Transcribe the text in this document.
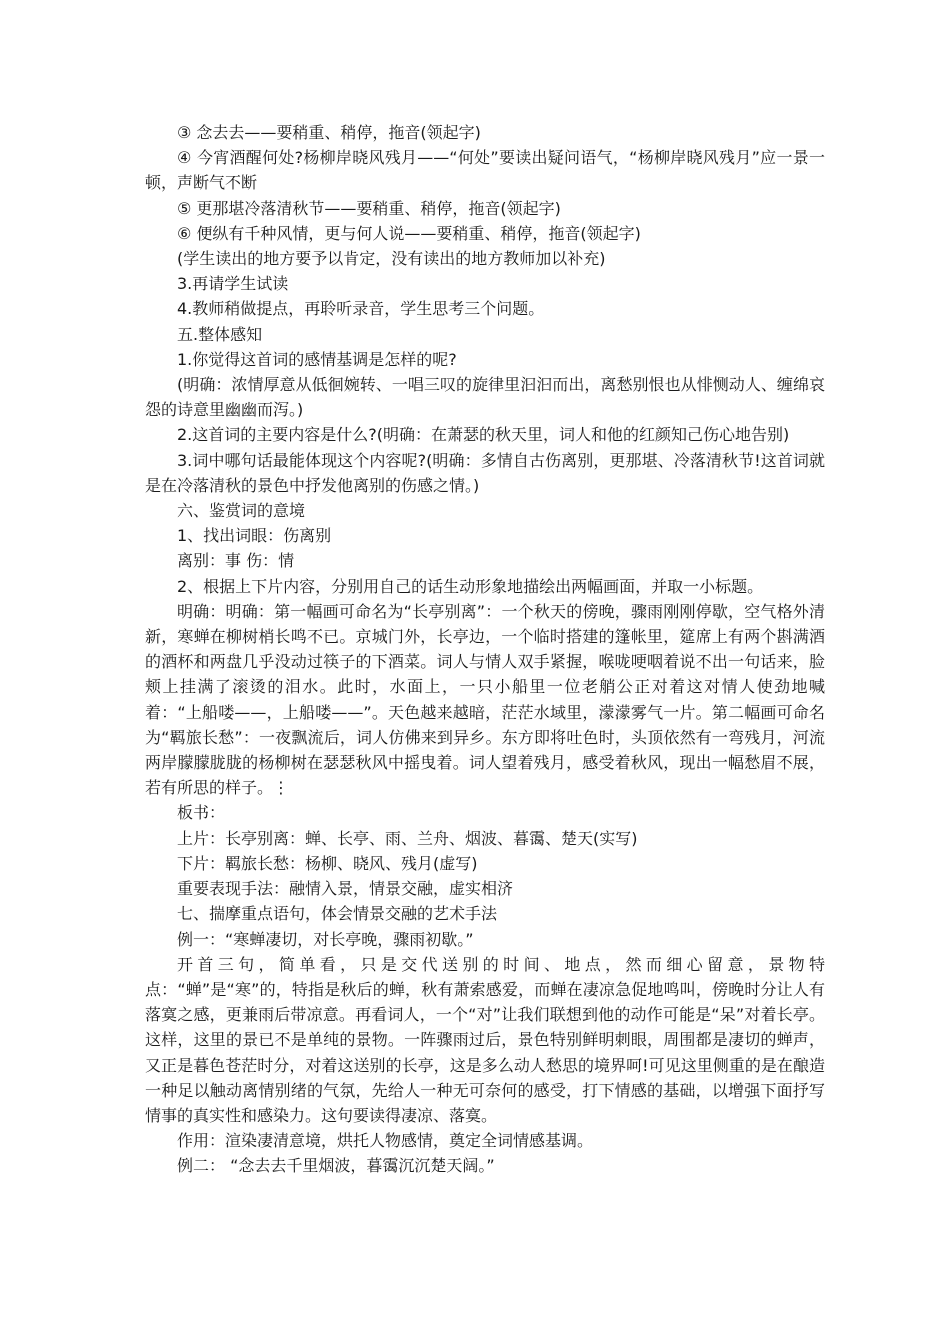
③ 念去去——要稍重、稍停，拖音(领起字)

④ 今宵酒醒何处?杨柳岸晓风残月——“何处”要读出疑问语气，“杨柳岸晓风残月”应一景一顿，声断气不断

⑤ 更那堪冷落清秋节——要稍重、稍停，拖音(领起字)

⑥ 便纵有千种风情，更与何人说——要稍重、稍停，拖音(领起字)

(学生读出的地方要予以肯定，没有读出的地方教师加以补充)

3.再请学生试读

4.教师稍做提点，再聆听录音，学生思考三个问题。

五.整体感知

1.你觉得这首词的感情基调是怎样的呢?

(明确：浓情厚意从低徊婉转、一唱三叹的旋律里汩汩而出，离愁别恨也从悱恻动人、缠绵哀怨的诗意里幽幽而泻。)

2.这首词的主要内容是什么?(明确：在萧瑟的秋天里，词人和他的红颜知己伤心地告别)

3.词中哪句话最能体现这个内容呢?(明确：多情自古伤离别，更那堪、冷落清秋节!这首词就是在冷落清秋的景色中抒发他离别的伤感之情。)

六、鉴赏词的意境

1、找出词眼：伤离别

离别：事 伤：情

2、根据上下片内容，分别用自己的话生动形象地描绘出两幅画面，并取一小标题。

明确：明确：第一幅画可命名为“长亭别离”：一个秋天的傍晚，骤雨刚刚停歇，空气格外清新，寒蝉在柳树梢长鸣不已。京城门外，长亭边，一个临时搭建的篷帐里，筵席上有两个斟满酒的酒杯和两盘几乎没动过筷子的下酒菜。词人与情人双手紧握，喉咙哽咽着说不出一句话来，脸颊上挂满了滚烫的泪水。此时，水面上，一只小船里一位老艄公正对着这对情人使劲地喊着：“上船喽——，上船喽——”。天色越来越暗，茫茫水域里，濛濛雾气一片。第二幅画可命名为“羁旅长愁”：一夜飘流后，词人仿佛来到异乡。东方即将吐色时，头顶依然有一弯残月，河流两岸朦朦胧胧的杨柳树在瑟瑟秋风中摇曳着。词人望着残月，感受着秋风，现出一幅愁眉不展，若有所思的样子。⋮

板书：

上片：长亭别离：蝉、长亭、雨、兰舟、烟波、暮霭、楚天(实写)

下片：羁旅长愁：杨柳、晓风、残月(虚写)

重要表现手法：融情入景，情景交融，虚实相济

七、揣摩重点语句，体会情景交融的艺术手法

例一：“寒蝉凄切，对长亭晚，骤雨初歇。”

开首三句，简单看，只是交代送别的时间、地点，然而细心留意，景物特点：“蝉”是“寒”的，特指是秋后的蝉，秋有萧索感爱，而蝉在凄凉急促地鸣叫，傍晚时分让人有落寞之感，更兼雨后带凉意。再看词人，一个“对”让我们联想到他的动作可能是“呆”对着长亭。这样，这里的景已不是单纯的景物。一阵骤雨过后，景色特别鲜明刺眼，周围都是凄切的蝉声，又正是暮色苍茫时分，对着这送别的长亭，这是多么动人愁思的境界呵!可见这里侧重的是在酿造一种足以触动离情别绪的气氛，先给人一种无可奈何的感受，打下情感的基础，以增强下面抒写情事的真实性和感染力。这句要读得凄凉、落寞。

作用：渲染凄清意境，烘托人物感情，奠定全词情感基调。

例二： “念去去千里烟波，暮霭沉沉楚天阔。”
